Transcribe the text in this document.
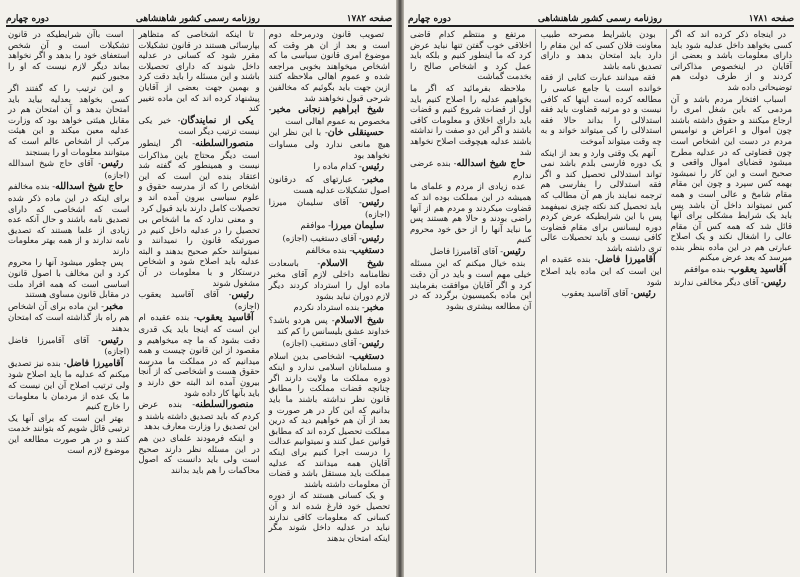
صفحه ۱۷۸۲
روزنامه رسمی کشور شاهنشاهی
دوره چهارم

تصویب قانون ودرمرحله دوم است و بعد از ان هر وقت که موضوع امری قانون سیاسی ما که اشخاص میخواهند بخوبی مراجعه شده و عموم اهالی ملاحظه کنند ازین جهت باید بگوئیم که مخالفین شرحی قبول نخواهند شد

شیخ ابراهیم زنجانی مخبر- مخصوص به عموم اهالی است

حسینقلی خان- با این نظر این هیچ مانعی ندارد ولی مساوات نخواهد بود

رئیس- کدام ماده را

مخبر- عبارتهای که درقانون اصول تشکیلات عدلیه هست

رئیس- آقای سلیمان میرزا (اجازه)

سلیمان میرزا- موافقم

رئیس- آقای دستغیب (اجازه)

دستغیب- بنده مخالفم

شیخ الاسلام- باسعادت نظامنامه داخلی لازم آقای مخبر ماده اول را استرداد کردند دیگر لازم دوران نباید بشود

مخبر- بنده استرداد نکردم

شیخ الاسلام- پس هردو باشد؟ خداوند عشق بلیسانس را کم کند

رئیس- آقای دستغیب (اجازه)

دستغیب- اشخاصی بدین اسلام و مسلمانان اسلامی ندارد و اینکه دوره مملکت ما ولایت دارند اگر چنانچه قضات مملکت را مطابق قانون نظر نداشته باشند ما باید بدانیم که این کار در هر صورت و بعد از آن هم خواهیم دید که درین مملکت تحصیل کرده اند که مطابق قوانین عمل کنند و نمیتوانیم عدالت را درست اجرا کنیم برای اینکه آقایان همه میدانند که عدلیه مملکت باید مستقل باشد و قضات آن معلومات داشته باشند

و یک کسانی هستند که از دوره تحصیل خود فارغ شده اند و آن کسانی که معلومات کافی ندارند نباید در عدلیه داخل شوند مگر اینکه امتحان بدهند

تا اینکه اشخاصی که متظاهر بپارسائی هستند در قانون تشکیلات مقرر شود که کسانی در عدلیه داخل شوند که دارای تحصیلات باشند و این مسئله را باید دقت کرد و بهمین جهت بعضی از آقایان پیشنهاد کرده اند که این ماده تغییر کند

یکی از نمایندگان- خیر یکی نیست ترتیب دیگر است

منصورالسلطنه- اگر اینطور است دیگر محتاج باین مذاکرات نیست و همینطور که گفته شد اعتقاد بنده این است که این اشخاص را که از مدرسه حقوق و علوم سیاسی بیرون آمده اند و تحصیلات کامل دارند باید قبول کرد

و معنی ندارد که ما اشخاص بی تحصیل را در عدلیه داخل کنیم در صورتیکه قانون را نمیدانند و نمیتوانند حکم صحیح بدهند و البته عدلیه باید اصلاح شود و اشخاص درستکار و با معلومات در آن مشغول شوند

رئیس- آقای آقاسید یعقوب (اجازه)

آقاسید یعقوب- بنده عقیده ام این است که اینجا باید یک قدری دقت بشود که ما چه میخواهیم و مقصود از این قانون چیست و همه میدانیم که در مملکت ما مدرسه حقوق هست و اشخاصی که از آنجا بیرون آمده اند البته حق دارند و باید بآنها کار داده شود

منصورالسلطنه- بنده عرض کردم که باید تصدیق داشته باشند و این تصدیق را وزارت معارف بدهد

و اینکه فرمودند علمای دین هم در این مسئله نظر دارند صحیح است ولی باید دانست که اصول محاکمات را هم باید بدانند

است باآن شرایطیکه در قانون تشکیلات است و آن شخص استعفای خود را بدهد و اگر نخواهد بماند دیگر لازم نیست که او را مجبور کنیم

و این ترتیب را که گفتند اگر کسی بخواهد بعدلیه بیاید باید امتحان بدهد و آن امتحان هم در مقابل هیئتی خواهد بود که وزارت عدلیه معین میکند و این هیئت مرکب از اشخاص عالم است که میتوانند معلومات او را بسنجند

رئیس- آقای حاج شیخ اسدالله (اجازه)

حاج شیخ اسدالله- بنده مخالفم برای اینکه در این ماده ذکر شده است که اشخاصی که دارای تصدیق نامه باشند و حال آنکه عده زیادی از علما هستند که تصدیق نامه ندارند و از همه بهتر معلومات دارند

پس چطور میشود آنها را محروم کرد و این مخالف با اصول قانون اساسی است که همه افراد ملت در مقابل قانون مساوی هستند

مخبر- این ماده برای آن اشخاص هم راه باز گذاشته است که امتحان بدهند

رئیس- آقای آقامیرزا فاضل (اجازه)

آقامیرزا فاضل- بنده نیز تصدیق میکنم که عدلیه ما باید اصلاح شود ولی ترتیب اصلاح آن این نیست که ما یک عده از مردمان با معلومات را خارج کنیم

بهتر این است که برای آنها یک ترتیبی قائل شویم که بتوانند خدمت کنند و در هر صورت مطالعه این موضوع لازم است

صفحه ۱۷۸۱
روزنامه رسمی کشور شاهنشاهی
دوره چهارم

در اینجاه ذکر کرده اند که اگر کسی بخواهد داخل عدلیه شود باید دارای معلومات باشد و بعضی از آقایان در اینخصوص مذاکراتی کردند و از طرف دولت هم توضیحاتی داده شد

اسباب افتخار مردم باشد و آن مردمی که باین شغل امری را ارجاع میکنند و حقوق داشته باشند چون اموال و اعراض و نوامیس مردم در دست این اشخاص است چون قضاوتی که در عدلیه مطرح میشود قضایای اموال واقعی و صحیح است و این کار را نمیشود بهمه کس سپرد و چون این مقام مقام شامخ و عالی است و همه کس نمیتواند داخل آن باشد پس باید یک شرایط مشکلی برای آنها قائل شد که همه کس آن مقام عالی را اشغال نکند و یک اصلاح عبارتی هم در این ماده بنظر بنده میرسد که بعد عرض میکنم

آقاسید یعقوب- بنده موافقم

رئیس- آقای دیگر مخالفی ندارند

بودن باشرایط مصرحه طبیب معاونت فلان کسی که این مقام را دارد باید امتحان بدهد و دارای تصدیق نامه باشد

فقه میدانند عبارت کتابی از فقه خوانده است یا جامع عباسی را مطالعه کرده است اینها که کافی نیست و دو مرتبه قضاوت باید فقه استدلالی را بداند حالا فقه استدلالی را کی میتواند خواند و به چه وقت میتواند آموخت

آنهم یک وقتی وارد و بعد از اینکه یک دوره فارسی بلدم باشد نمی تواند استدلالی تحصیل کند و اگر فقه استدلالی را بفارسی هم ترجمه نمایند باز هم آن مطالب که باید تحصیل کند نکته چیزی نمیفهمد پس با این شرایطیکه عرض کردم دوره لیسانس برای مقام قضاوت کافی نیست و باید تحصیلات عالی تری داشته باشد

آقامیرزا فاضل- بنده عقیده ام این است که این ماده باید اصلاح شود

رئیس- آقای آقاسید یعقوب

مرتفع و منتظم کدام قاضی اخلاقی خوب گفتن تنها نباید عرض کرد که ما اینطور کنیم و بلکه باید عمل کرد و اشخاص صالح را بخدمت گماشت

ملاحظه بفرمائید که اگر ما بخواهیم عدلیه را اصلاح کنیم باید اول از قضات شروع کنیم و قضات باید دارای اخلاق و معلومات کافی باشند و اگر این دو صفت را نداشته باشند عدلیه هیچوقت اصلاح نخواهد شد

حاج شیخ اسدالله- بنده عرضی ندارم

عده زیادی از مردم و علمای ما همیشه در این مملکت بوده اند که قضاوت میکردند و مردم هم از آنها راضی بودند و حالا هم هستند پس ما نباید آنها را از حق خود محروم کنیم

رئیس- آقای آقامیرزا فاضل

بنده خیال میکنم که این مسئله خیلی مهم است و باید در آن دقت کرد و اگر آقایان موافقت بفرمایند این ماده بکمیسیون برگردد که در آن مطالعه بیشتری بشود
